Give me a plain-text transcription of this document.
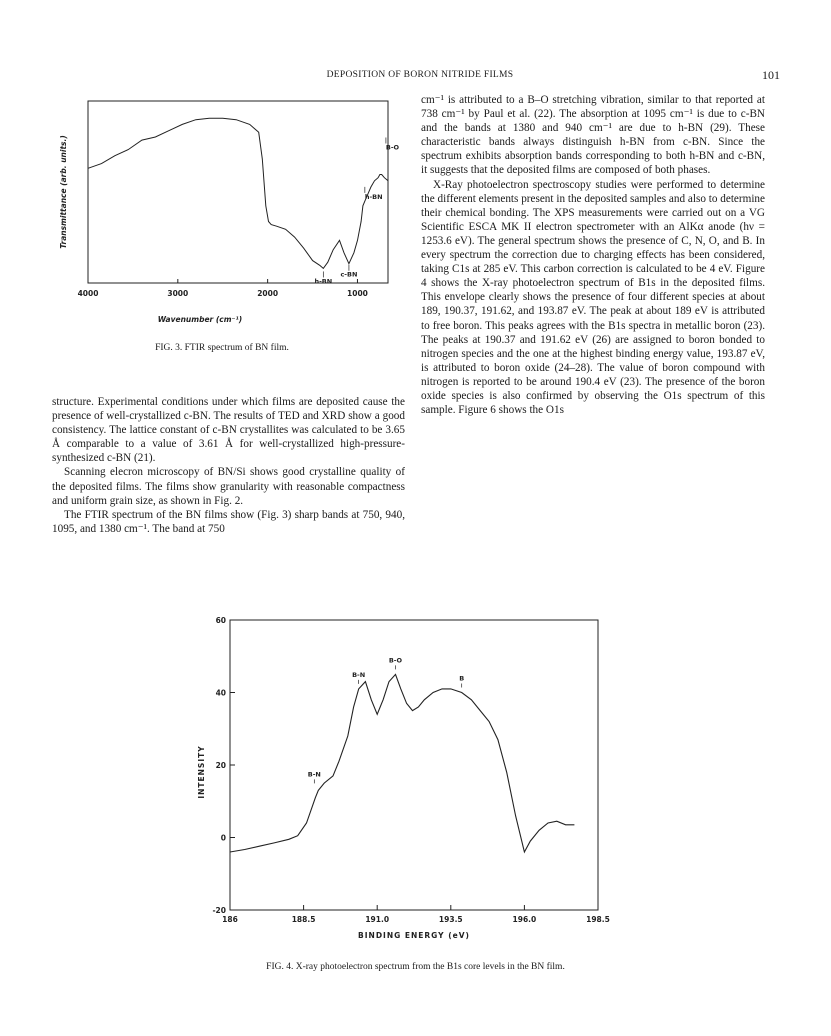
DEPOSITION OF BORON NITRIDE FILMS	101
Transmittance (arb. units.)
4000	3000	2000	1000
Wavenumber (cm⁻¹)
B-O
h-BN
h-BN
c-BN
FIG. 3. FTIR spectrum of BN film.

cm⁻¹ is attributed to a B–O stretching vibration, similar to that reported at 738 cm⁻¹ by Paul et al. (22). The absorption at 1095 cm⁻¹ is due to c-BN and the bands at 1380 and 940 cm⁻¹ are due to h-BN (29). These characteristic bands always distinguish h-BN from c-BN. Since the spectrum exhibits absorption bands corresponding to both h-BN and c-BN, it suggests that the deposited films are composed of both phases.

X-Ray photoelectron spectroscopy studies were performed to determine the different elements present in the deposited samples and also to determine their chemical bonding. The XPS measurements were carried out on a VG Scientific ESCA MK II electron spectrometer with an AlKα anode (hν = 1253.6 eV). The general spectrum shows the presence of C, N, O, and B. In every spectrum the correction due to charging effects has been considered, taking C1s at 285 eV. This carbon correction is calculated to be 4 eV. Figure 4 shows the X-ray photoelectron spectrum of B1s in the deposited films. This envelope clearly shows the presence of four different species at about 189, 190.37, 191.62, and 193.87 eV. The peak at about 189 eV is attributed to free boron. This peaks agrees with the B1s spectra in metallic boron (23). The peaks at 190.37 and 191.62 eV (26) are assigned to boron bonded to nitrogen species and the one at the highest binding energy value, 193.87 eV, is attributed to boron oxide (24–28). The value of boron compound with nitrogen is reported to be around 190.4 eV (23). The presence of the boron oxide species is also confirmed by observing the O1s spectrum of this sample. Figure 6 shows the O1s

structure. Experimental conditions under which films are deposited cause the presence of well-crystallized c-BN. The results of TED and XRD show a good consistency. The lattice constant of c-BN crystallites was calculated to be 3.65 Å comparable to a value of 3.61 Å for well-crystallized high-pressure-synthesized c-BN (21).

Scanning elecron microscopy of BN/Si shows good crystalline quality of the deposited films. The films show granularity with reasonable compactness and uniform grain size, as shown in Fig. 2.

The FTIR spectrum of the BN films show (Fig. 3) sharp bands at 750, 940, 1095, and 1380 cm⁻¹. The band at 750

INTENSITY
60
40
20
0
-20
186	188.5	191.0	193.5	196.0	198.5
BINDING ENERGY (eV)
B-N
B-N
B-O
B
FIG. 4. X-ray photoelectron spectrum from the B1s core levels in the BN film.
